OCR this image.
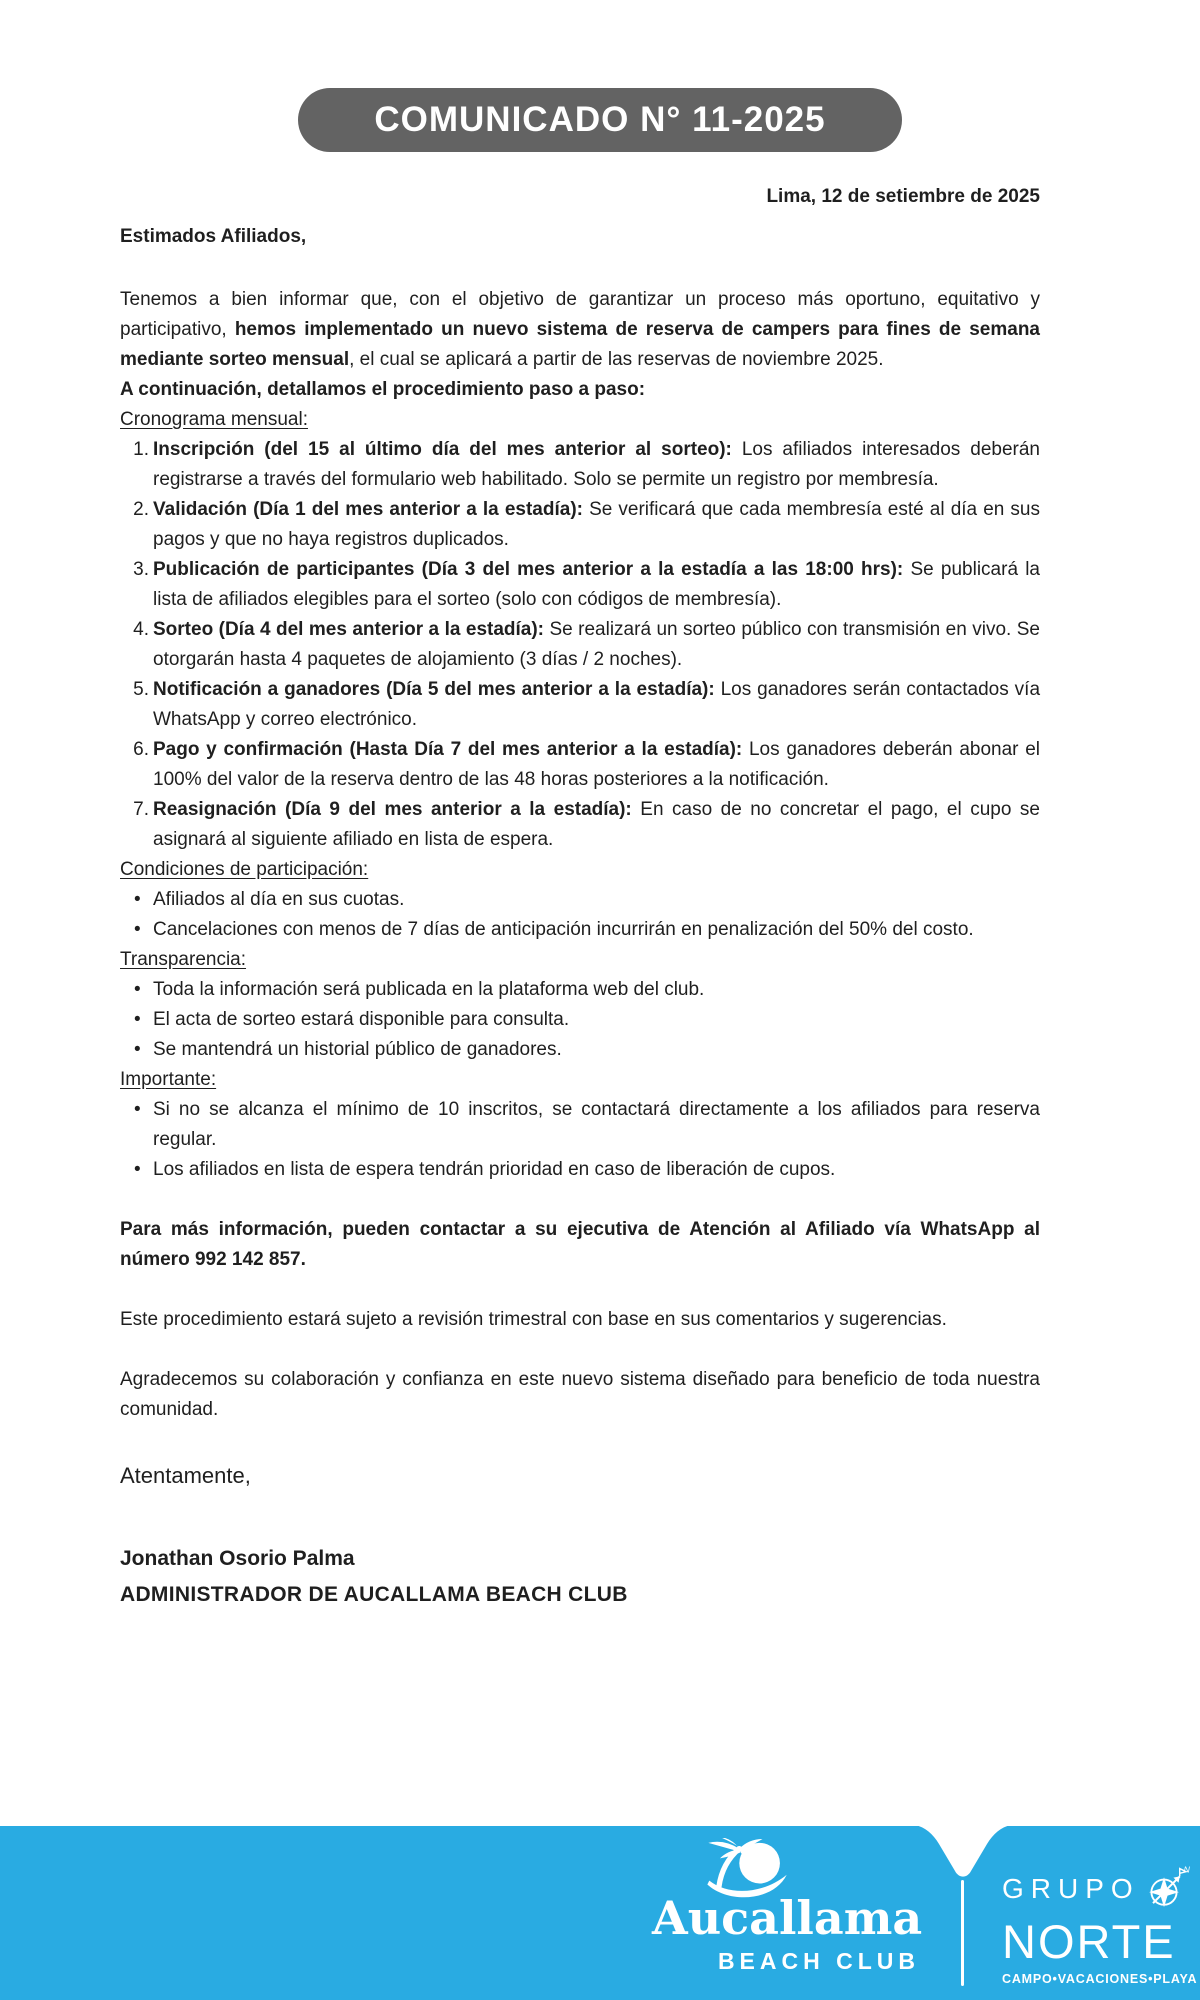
COMUNICADO N° 11-2025
Lima, 12 de setiembre de 2025
Estimados Afiliados,

Tenemos a bien informar que, con el objetivo de garantizar un proceso más oportuno, equitativo y participativo, hemos implementado un nuevo sistema de reserva de campers para fines de semana mediante sorteo mensual, el cual se aplicará a partir de las reservas de noviembre 2025.

A continuación, detallamos el procedimiento paso a paso:
Cronograma mensual:
1. Inscripción (del 15 al último día del mes anterior al sorteo): Los afiliados interesados deberán registrarse a través del formulario web habilitado. Solo se permite un registro por membresía.
2. Validación (Día 1 del mes anterior a la estadía): Se verificará que cada membresía esté al día en sus pagos y que no haya registros duplicados.
3. Publicación de participantes (Día 3 del mes anterior a la estadía a las 18:00 hrs): Se publicará la lista de afiliados elegibles para el sorteo (solo con códigos de membresía).
4. Sorteo (Día 4 del mes anterior a la estadía): Se realizará un sorteo público con transmisión en vivo. Se otorgarán hasta 4 paquetes de alojamiento (3 días / 2 noches).
5. Notificación a ganadores (Día 5 del mes anterior a la estadía): Los ganadores serán contactados vía WhatsApp y correo electrónico.
6. Pago y confirmación (Hasta Día 7 del mes anterior a la estadía): Los ganadores deberán abonar el 100% del valor de la reserva dentro de las 48 horas posteriores a la notificación.
7. Reasignación (Día 9 del mes anterior a la estadía): En caso de no concretar el pago, el cupo se asignará al siguiente afiliado en lista de espera.
Condiciones de participación:
• Afiliados al día en sus cuotas.
• Cancelaciones con menos de 7 días de anticipación incurrirán en penalización del 50% del costo.
Transparencia:
• Toda la información será publicada en la plataforma web del club.
• El acta de sorteo estará disponible para consulta.
• Se mantendrá un historial público de ganadores.
Importante:
• Si no se alcanza el mínimo de 10 inscritos, se contactará directamente a los afiliados para reserva regular.
• Los afiliados en lista de espera tendrán prioridad en caso de liberación de cupos.

Para más información, pueden contactar a su ejecutiva de Atención al Afiliado vía WhatsApp al número 992 142 857.

Este procedimiento estará sujeto a revisión trimestral con base en sus comentarios y sugerencias.

Agradecemos su colaboración y confianza en este nuevo sistema diseñado para beneficio de toda nuestra comunidad.

Atentamente,
Jonathan Osorio Palma
ADMINISTRADOR DE AUCALLAMA BEACH CLUB
Aucallama
BEACH CLUB
GRUPO
N
NORTE
CAMPO•VACACIONES•PLAYA
